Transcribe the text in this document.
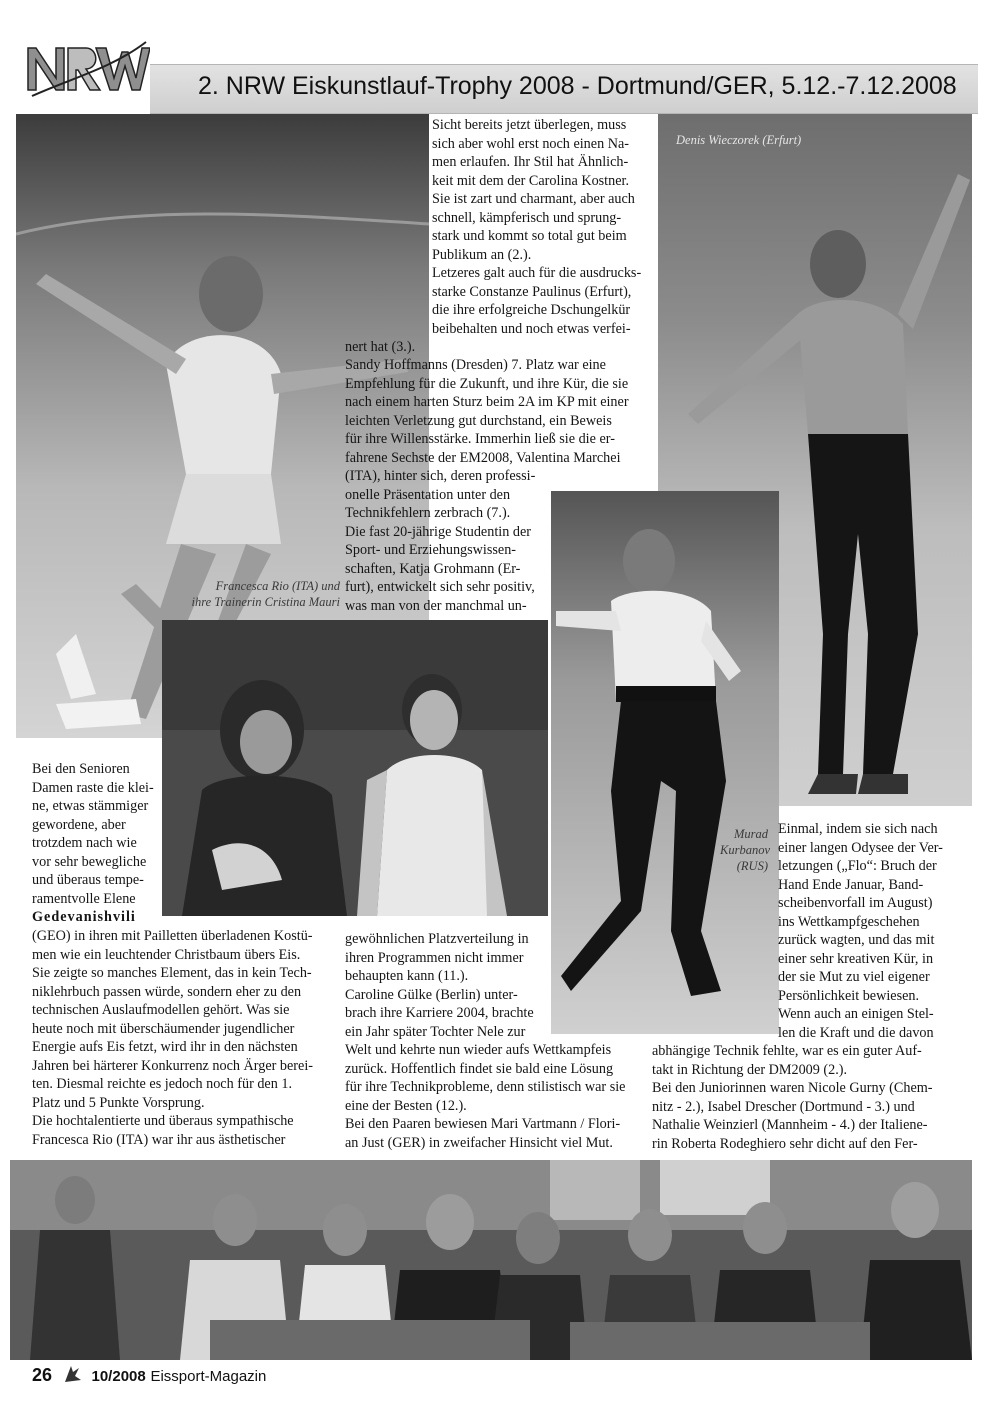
2. NRW Eiskunstlauf-Trophy 2008 - Dortmund/GER, 5.12.-7.12.2008
Francesca Rio (ITA) und
ihre Trainerin Cristina Mauri
Denis Wieczorek (Erfurt)
Murad
Kurbanov
(RUS)
Sicht bereits jetzt überlegen, muss
sich aber wohl erst noch einen Na-
men erlaufen. Ihr Stil hat Ähnlich-
keit mit dem der Carolina Kostner.
Sie ist zart und charmant, aber auch
schnell, kämpferisch und sprung-
stark und kommt so total gut beim
Publikum an (2.).
Letzeres galt auch für die ausdrucks-
starke Constanze Paulinus (Erfurt),
die ihre erfolgreiche Dschungelkür
beibehalten und noch etwas verfei-
nert hat (3.).
Sandy Hoffmanns (Dresden) 7. Platz war eine
Empfehlung für die Zukunft, und ihre Kür, die sie
nach einem harten Sturz beim 2A im KP mit einer
leichten Verletzung gut durchstand, ein Beweis
für ihre Willensstärke. Immerhin ließ sie die er-
fahrene Sechste der EM2008, Valentina Marchei
(ITA), hinter sich, deren professi-
onelle Präsentation unter den
Technikfehlern zerbrach (7.).
Die fast 20-jährige Studentin der
Sport- und Erziehungswissen-
schaften, Katja Grohmann (Er-
furt), entwickelt sich sehr positiv,
was man von der manchmal un-
Bei den Senioren
Damen raste die klei-
ne, etwas stämmiger
gewordene, aber
trotzdem nach wie
vor sehr bewegliche
und überaus tempe-
ramentvolle Elene
Gedevanishvili
(GEO) in ihren mit Pailletten überladenen Kostü-
men wie ein leuchtender Christbaum übers Eis.
Sie zeigte so manches Element, das in kein Tech-
niklehrbuch passen würde, sondern eher zu den
technischen Auslaufmodellen gehört. Was sie
heute noch mit überschäumender jugendlicher
Energie aufs Eis fetzt, wird ihr in den nächsten
Jahren bei härterer Konkurrenz noch Ärger berei-
ten. Diesmal reichte es jedoch noch für den 1.
Platz und 5 Punkte Vorsprung.
Die hochtalentierte und überaus sympathische
Francesca Rio (ITA) war ihr aus ästhetischer
gewöhnlichen Platzverteilung in
ihren Programmen nicht immer
behaupten kann (11.).
Caroline Gülke (Berlin) unter-
brach ihre Karriere 2004, brachte
ein Jahr später Tochter Nele zur
Welt und kehrte nun wieder aufs Wettkampfeis
zurück. Hoffentlich findet sie bald eine Lösung
für ihre Technikprobleme, denn stilistisch war sie
eine der Besten (12.).
Bei den Paaren bewiesen Mari Vartmann / Flori-
an Just (GER) in zweifacher Hinsicht viel Mut.
Einmal, indem sie sich nach
einer langen Odysee der Ver-
letzungen („Flo“: Bruch der
Hand Ende Januar, Band-
scheibenvorfall im August)
ins Wettkampfgeschehen
zurück wagten, und das mit
einer sehr kreativen Kür, in
der sie Mut zu viel eigener
Persönlichkeit bewiesen.
Wenn auch an einigen Stel-
len die Kraft und die davon
abhängige Technik fehlte, war es ein guter Auf-
takt in Richtung der DM2009 (2.).
Bei den Juniorinnen waren Nicole Gurny (Chem-
nitz - 2.), Isabel Drescher (Dortmund - 3.) und
Nathalie Weinzierl (Mannheim - 4.) der Italiene-
rin Roberta Rodeghiero sehr dicht auf den Fer-
26	10/2008 Eissport-Magazin
